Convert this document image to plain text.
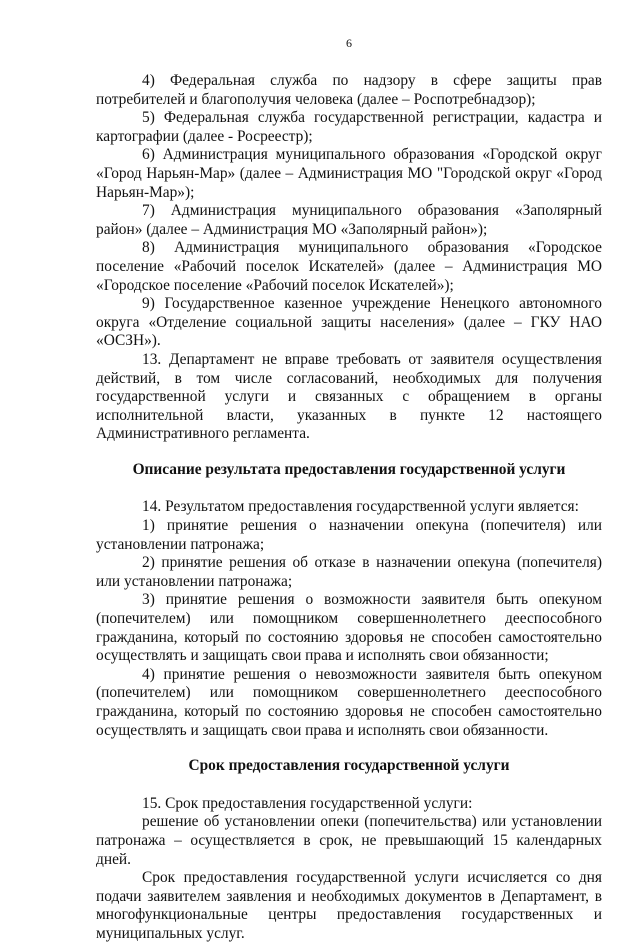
6

4) Федеральная служба по надзору в сфере защиты прав потребителей и благополучия человека (далее – Роспотребнадзор);

5) Федеральная служба государственной регистрации, кадастра и картографии (далее - Росреестр);

6) Администрация муниципального образования «Городской округ «Город Нарьян-Мар» (далее – Администрация МО "Городской округ «Город Нарьян-Мар»);

7) Администрация муниципального образования «Заполярный район» (далее – Администрация МО «Заполярный район»);

8) Администрация муниципального образования «Городское поселение «Рабочий поселок Искателей» (далее – Администрация МО «Городское поселение «Рабочий поселок Искателей»);

9) Государственное казенное учреждение Ненецкого автономного округа «Отделение социальной защиты населения» (далее – ГКУ НАО «ОСЗН»).

13. Департамент не вправе требовать от заявителя осуществления действий, в том числе согласований, необходимых для получения государственной услуги и связанных с обращением в органы исполнительной власти, указанных в пункте 12 настоящего Административного регламента.

Описание результата предоставления государственной услуги

14. Результатом предоставления государственной услуги является:

1) принятие решения о назначении опекуна (попечителя) или установлении патронажа;

2) принятие решения об отказе в назначении опекуна (попечителя) или установлении патронажа;

3) принятие решения о возможности заявителя быть опекуном (попечителем) или помощником совершеннолетнего дееспособного гражданина, который по состоянию здоровья не способен самостоятельно осуществлять и защищать свои права и исполнять свои обязанности;

4) принятие решения о невозможности заявителя быть опекуном (попечителем) или помощником совершеннолетнего дееспособного гражданина, который по состоянию здоровья не способен самостоятельно осуществлять и защищать свои права и исполнять свои обязанности.

Срок предоставления государственной услуги

15. Срок предоставления государственной услуги:

решение об установлении опеки (попечительства) или установлении патронажа – осуществляется в срок, не превышающий 15 календарных дней.

Срок предоставления государственной услуги исчисляется со дня подачи заявителем заявления и необходимых документов в Департамент, в многофункциональные центры предоставления государственных и муниципальных услуг.
